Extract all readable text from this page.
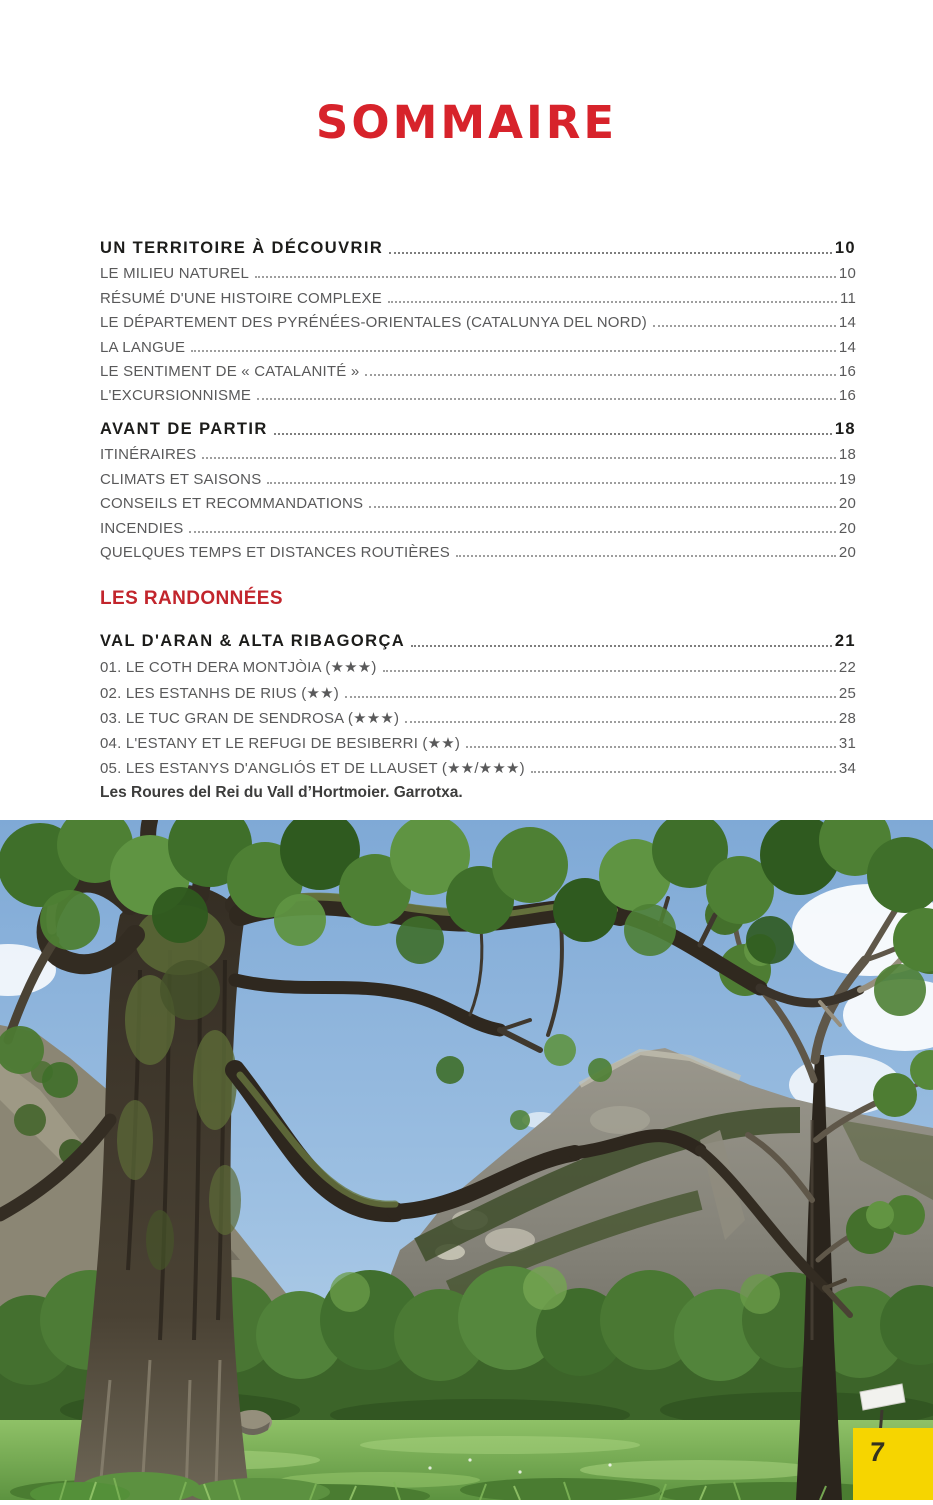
SOMMAIRE
UN TERRITOIRE À DÉCOUVRIR	10
LE MILIEU NATUREL	10
RÉSUMÉ D'UNE HISTOIRE COMPLEXE	11
LE DÉPARTEMENT DES PYRÉNÉES-ORIENTALES (CATALUNYA DEL NORD)	14
LA LANGUE	14
LE SENTIMENT DE « CATALANITÉ »	16
L'EXCURSIONNISME	16
AVANT DE PARTIR	18
ITINÉRAIRES	18
CLIMATS ET SAISONS	19
CONSEILS ET RECOMMANDATIONS	20
INCENDIES	20
QUELQUES TEMPS ET DISTANCES ROUTIÈRES	20
LES RANDONNÉES
VAL D'ARAN & ALTA RIBAGORÇA	21
01. LE COTH DERA MONTJÒIA (★★★)	22
02. LES ESTANHS DE RIUS (★★)	25
03. LE TUC GRAN DE SENDROSA (★★★)	28
04. L'ESTANY ET LE REFUGI DE BESIBERRI (★★)	31
05. LES ESTANYS D'ANGLIÓS ET DE LLAUSET (★★/★★★)	34
Les Roures del Rei du Vall d’Hortmoier. Garrotxa.
7
